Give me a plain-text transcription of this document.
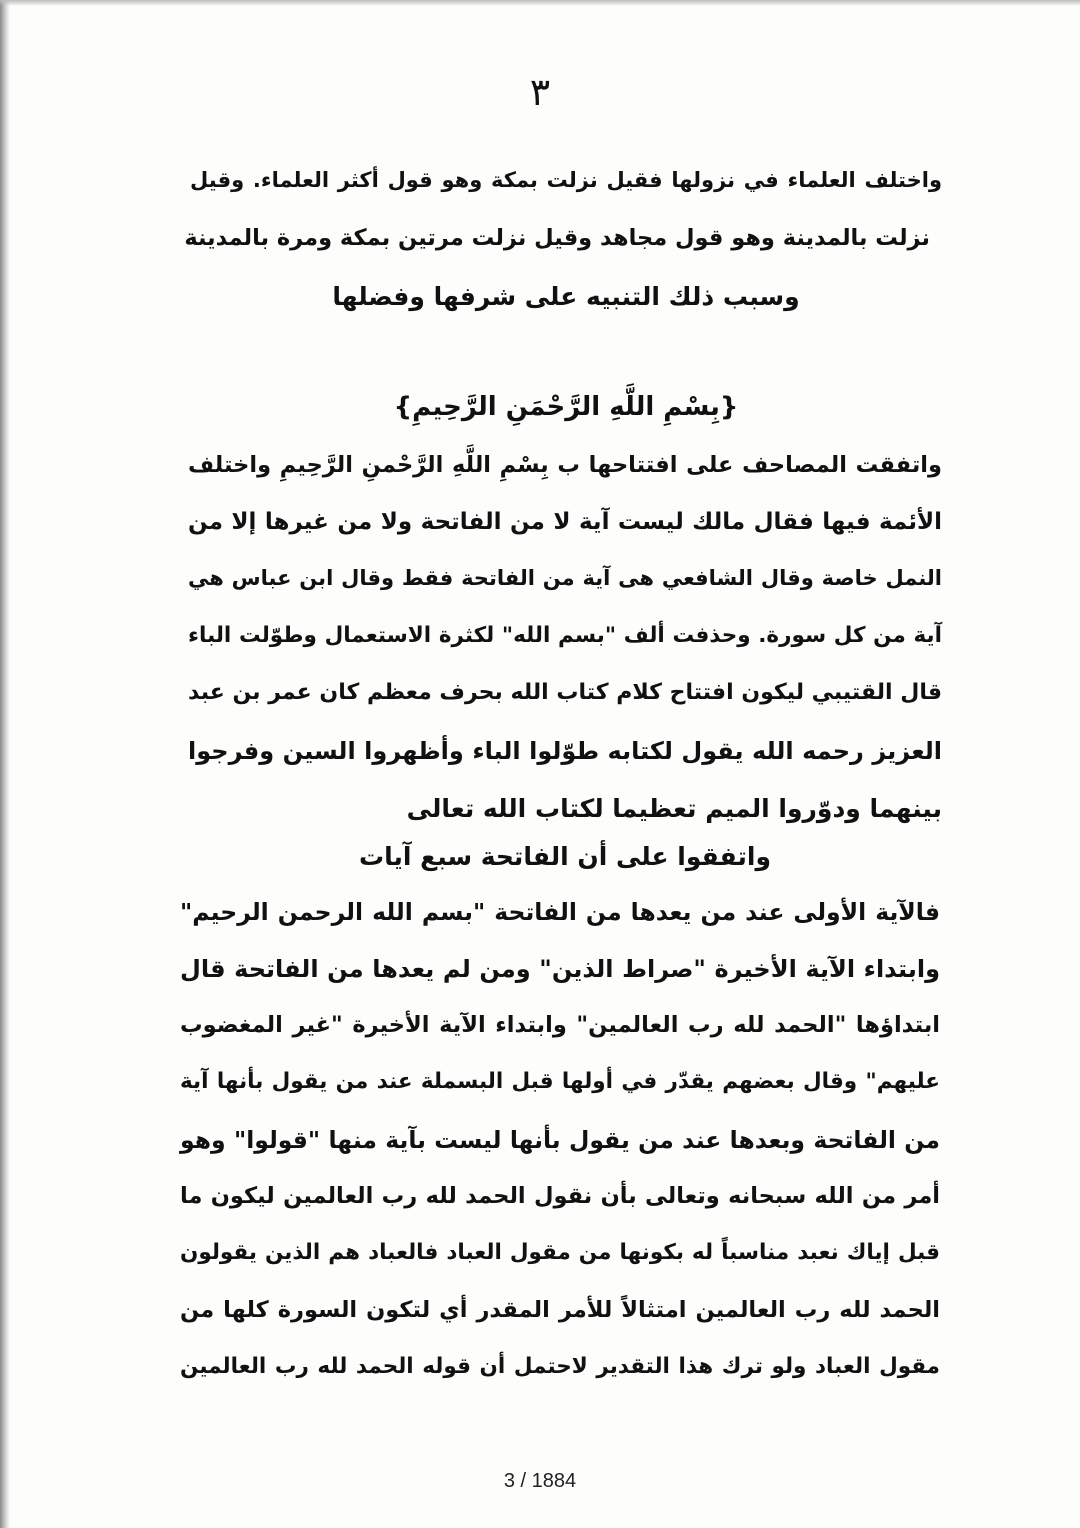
٣
واختلف العلماء في نزولها فقيل نزلت بمكة وهو قول أكثر العلماء. وقيل
نزلت بالمدينة وهو قول مجاهد وقيل نزلت مرتين بمكة ومرة بالمدينة
وسبب ذلك التنبيه على شرفها وفضلها
{بِسْمِ اللَّهِ الرَّحْمَنِ الرَّحِيمِ}
واتفقت المصاحف على افتتاحها ب بِسْمِ اللَّهِ الرَّحْمنِ الرَّحِيمِ واختلف
الأئمة فيها فقال مالك ليست آية لا من الفاتحة ولا من غيرها إلا من
النمل خاصة وقال الشافعي هى آية من الفاتحة فقط وقال ابن عباس هي
آية من كل سورة. وحذفت ألف "بسم الله" لكثرة الاستعمال وطوّلت الباء
قال القتيبي ليكون افتتاح كلام كتاب الله بحرف معظم كان عمر بن عبد
العزيز رحمه الله يقول لكتابه طوّلوا الباء وأظهروا السين وفرجوا
بينهما ودوّروا الميم تعظيما لكتاب الله تعالى
واتفقوا على أن الفاتحة سبع آيات
فالآية الأولى عند من يعدها من الفاتحة "بسم الله الرحمن الرحيم"
وابتداء الآية الأخيرة "صراط الذين" ومن لم يعدها من الفاتحة قال
ابتداؤها "الحمد لله رب العالمين" وابتداء الآية الأخيرة "غير المغضوب
عليهم" وقال بعضهم يقدّر في أولها قبل البسملة عند من يقول بأنها آية
من الفاتحة وبعدها عند من يقول بأنها ليست بآية منها "قولوا" وهو
أمر من الله سبحانه وتعالى بأن نقول الحمد لله رب العالمين ليكون ما
قبل إياك نعبد مناسباً له بكونها من مقول العباد فالعباد هم الذين يقولون
الحمد لله رب العالمين امتثالاً للأمر المقدر أي لتكون السورة كلها من
مقول العباد ولو ترك هذا التقدير لاحتمل أن قوله الحمد لله رب العالمين
3 / 1884
